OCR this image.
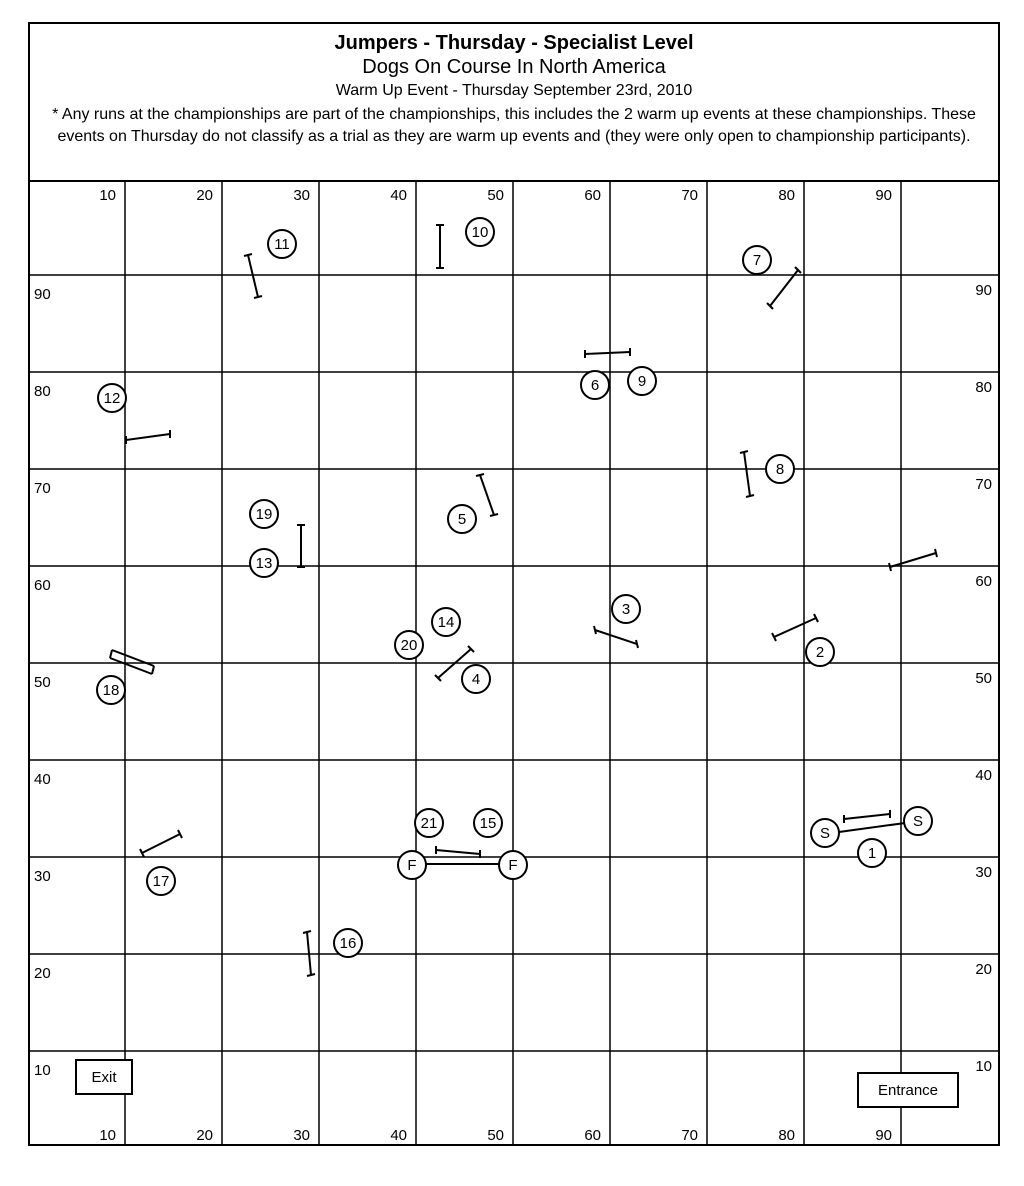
Jumpers - Thursday - Specialist Level
Dogs On Course In North America
Warm Up Event - Thursday September 23rd, 2010
* Any runs at the championships are part of the championships, this includes the 2 warm up events at these championships. These events on Thursday do not classify as a trial as they are warm up events and (they were only open to championship participants).
10	20	30	40	50	60	70	80	90
10	20	30	40	50	60	70	80	90
90
80
70
60
50
40
30
20
10
90
80
70
60
50
40
30
20
10
1
2
3
4
5
6
7
8
9
10
11
12
13
14
15
16
17
18
19
20
21
S
S
F	F
Exit
Entrance
